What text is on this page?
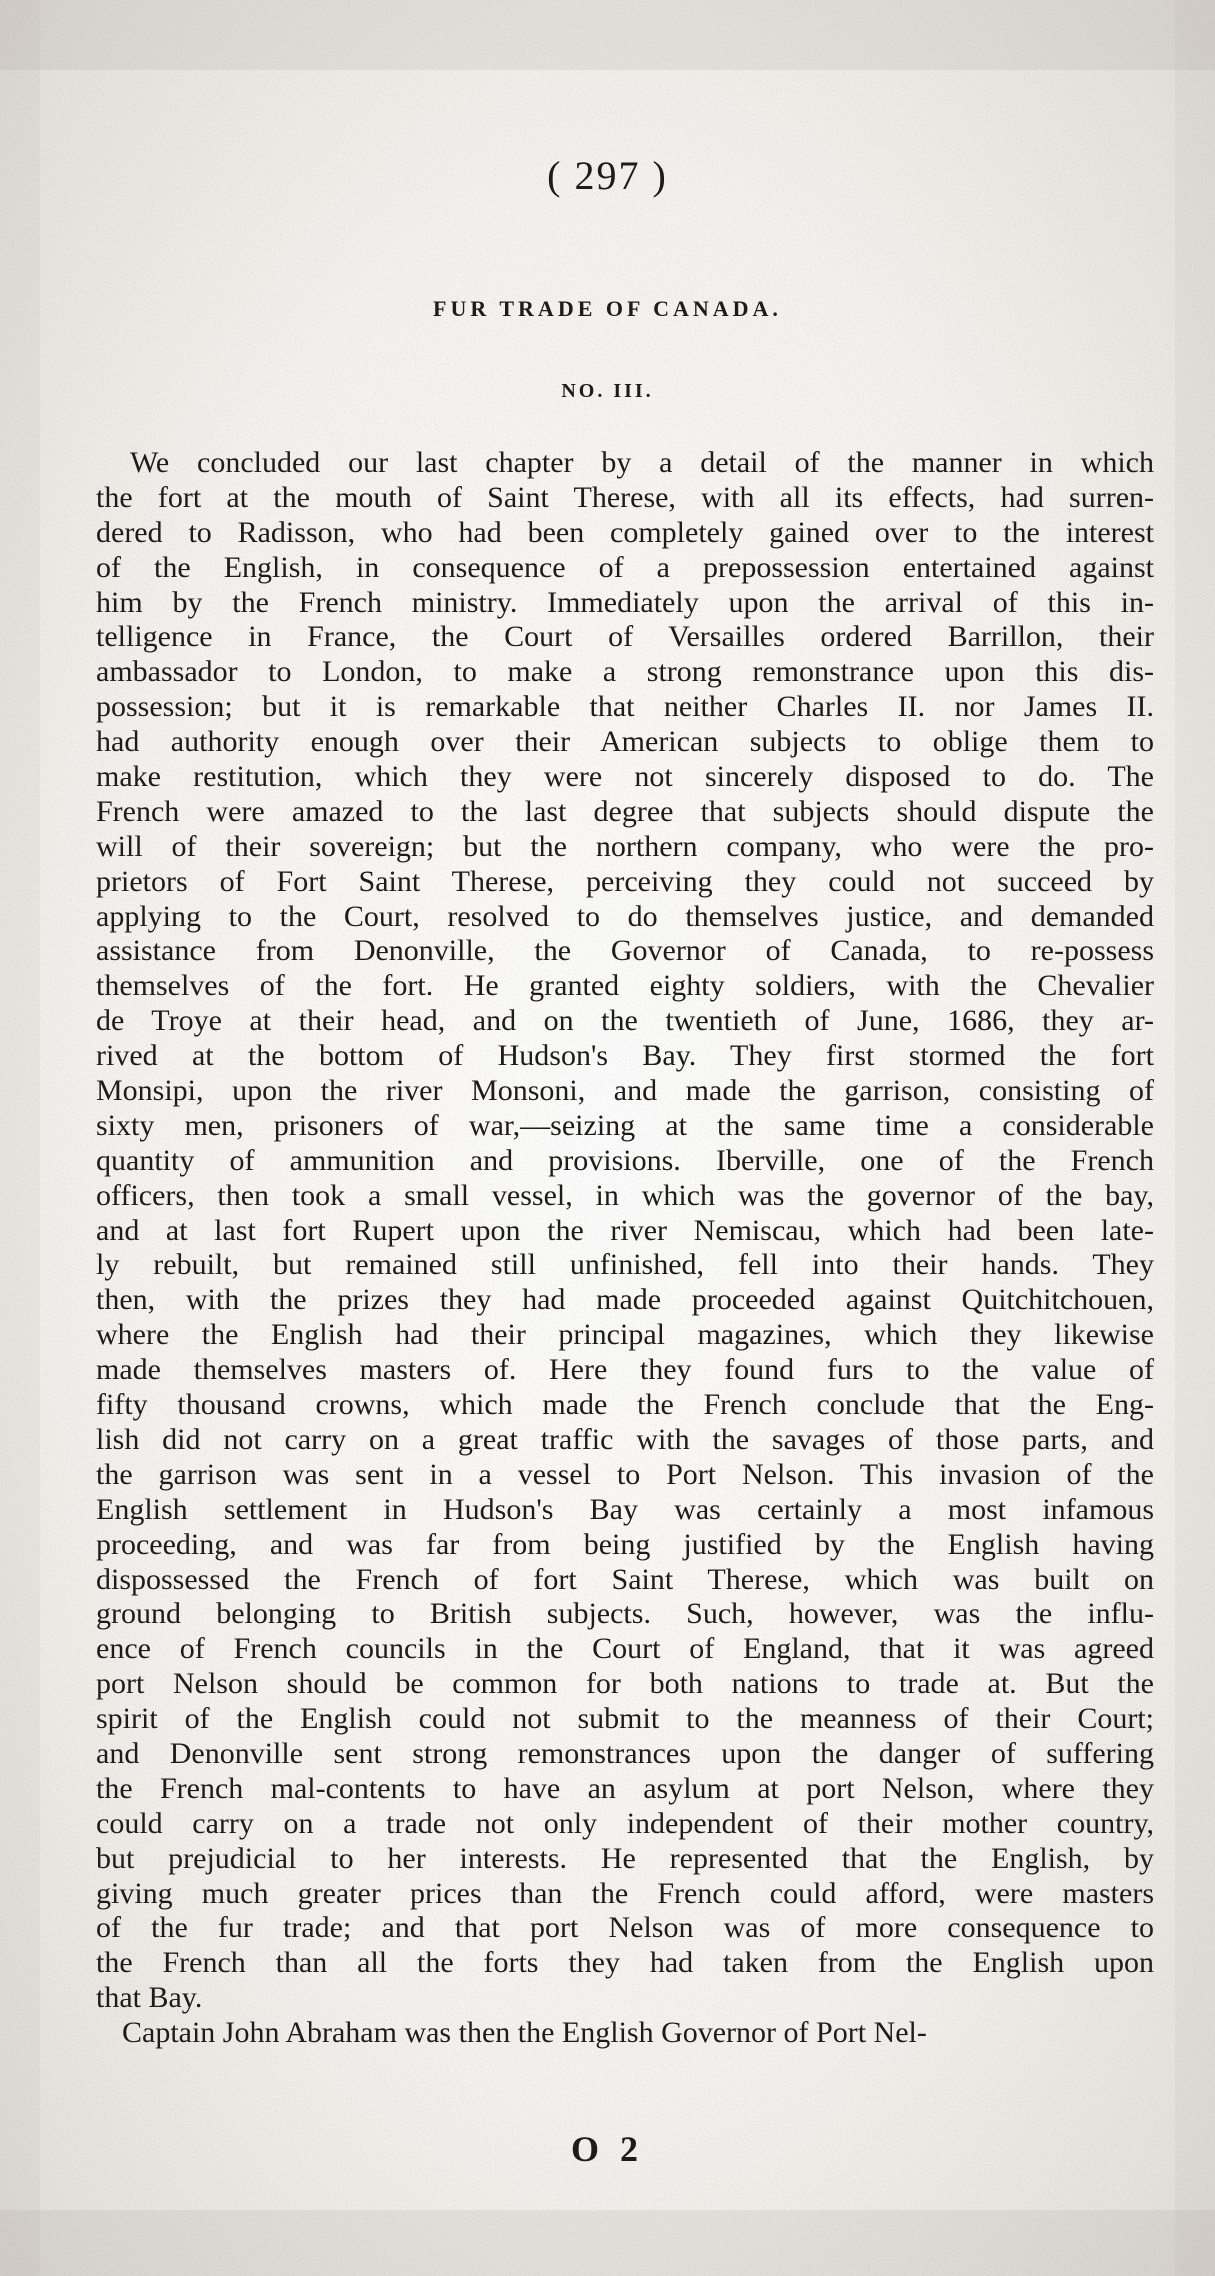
( 297 )
FUR TRADE OF CANADA.
NO. III.
We concluded our last chapter by a detail of the manner in which
the fort at the mouth of Saint Therese, with all its effects, had surren-
dered to Radisson, who had been completely gained over to the interest
of the English, in consequence of a prepossession entertained against
him by the French ministry. Immediately upon the arrival of this in-
telligence in France, the Court of Versailles ordered Barrillon, their
ambassador to London, to make a strong remonstrance upon this dis-
possession; but it is remarkable that neither Charles II. nor James II.
had authority enough over their American subjects to oblige them to
make restitution, which they were not sincerely disposed to do. The
French were amazed to the last degree that subjects should dispute the
will of their sovereign; but the northern company, who were the pro-
prietors of Fort Saint Therese, perceiving they could not succeed by
applying to the Court, resolved to do themselves justice, and demanded
assistance from Denonville, the Governor of Canada, to re-possess
themselves of the fort. He granted eighty soldiers, with the Chevalier
de Troye at their head, and on the twentieth of June, 1686, they ar-
rived at the bottom of Hudson's Bay. They first stormed the fort
Monsipi, upon the river Monsoni, and made the garrison, consisting of
sixty men, prisoners of war,—seizing at the same time a considerable
quantity of ammunition and provisions. Iberville, one of the French
officers, then took a small vessel, in which was the governor of the bay,
and at last fort Rupert upon the river Nemiscau, which had been late-
ly rebuilt, but remained still unfinished, fell into their hands. They
then, with the prizes they had made proceeded against Quitchitchouen,
where the English had their principal magazines, which they likewise
made themselves masters of. Here they found furs to the value of
fifty thousand crowns, which made the French conclude that the Eng-
lish did not carry on a great traffic with the savages of those parts, and
the garrison was sent in a vessel to Port Nelson. This invasion of the
English settlement in Hudson's Bay was certainly a most infamous
proceeding, and was far from being justified by the English having
dispossessed the French of fort Saint Therese, which was built on
ground belonging to British subjects. Such, however, was the influ-
ence of French councils in the Court of England, that it was agreed
port Nelson should be common for both nations to trade at. But the
spirit of the English could not submit to the meanness of their Court;
and Denonville sent strong remonstrances upon the danger of suffering
the French mal-contents to have an asylum at port Nelson, where they
could carry on a trade not only independent of their mother country,
but prejudicial to her interests. He represented that the English, by
giving much greater prices than the French could afford, were masters
of the fur trade; and that port Nelson was of more consequence to
the French than all the forts they had taken from the English upon
that Bay.
Captain John Abraham was then the English Governor of Port Nel-
O 2
